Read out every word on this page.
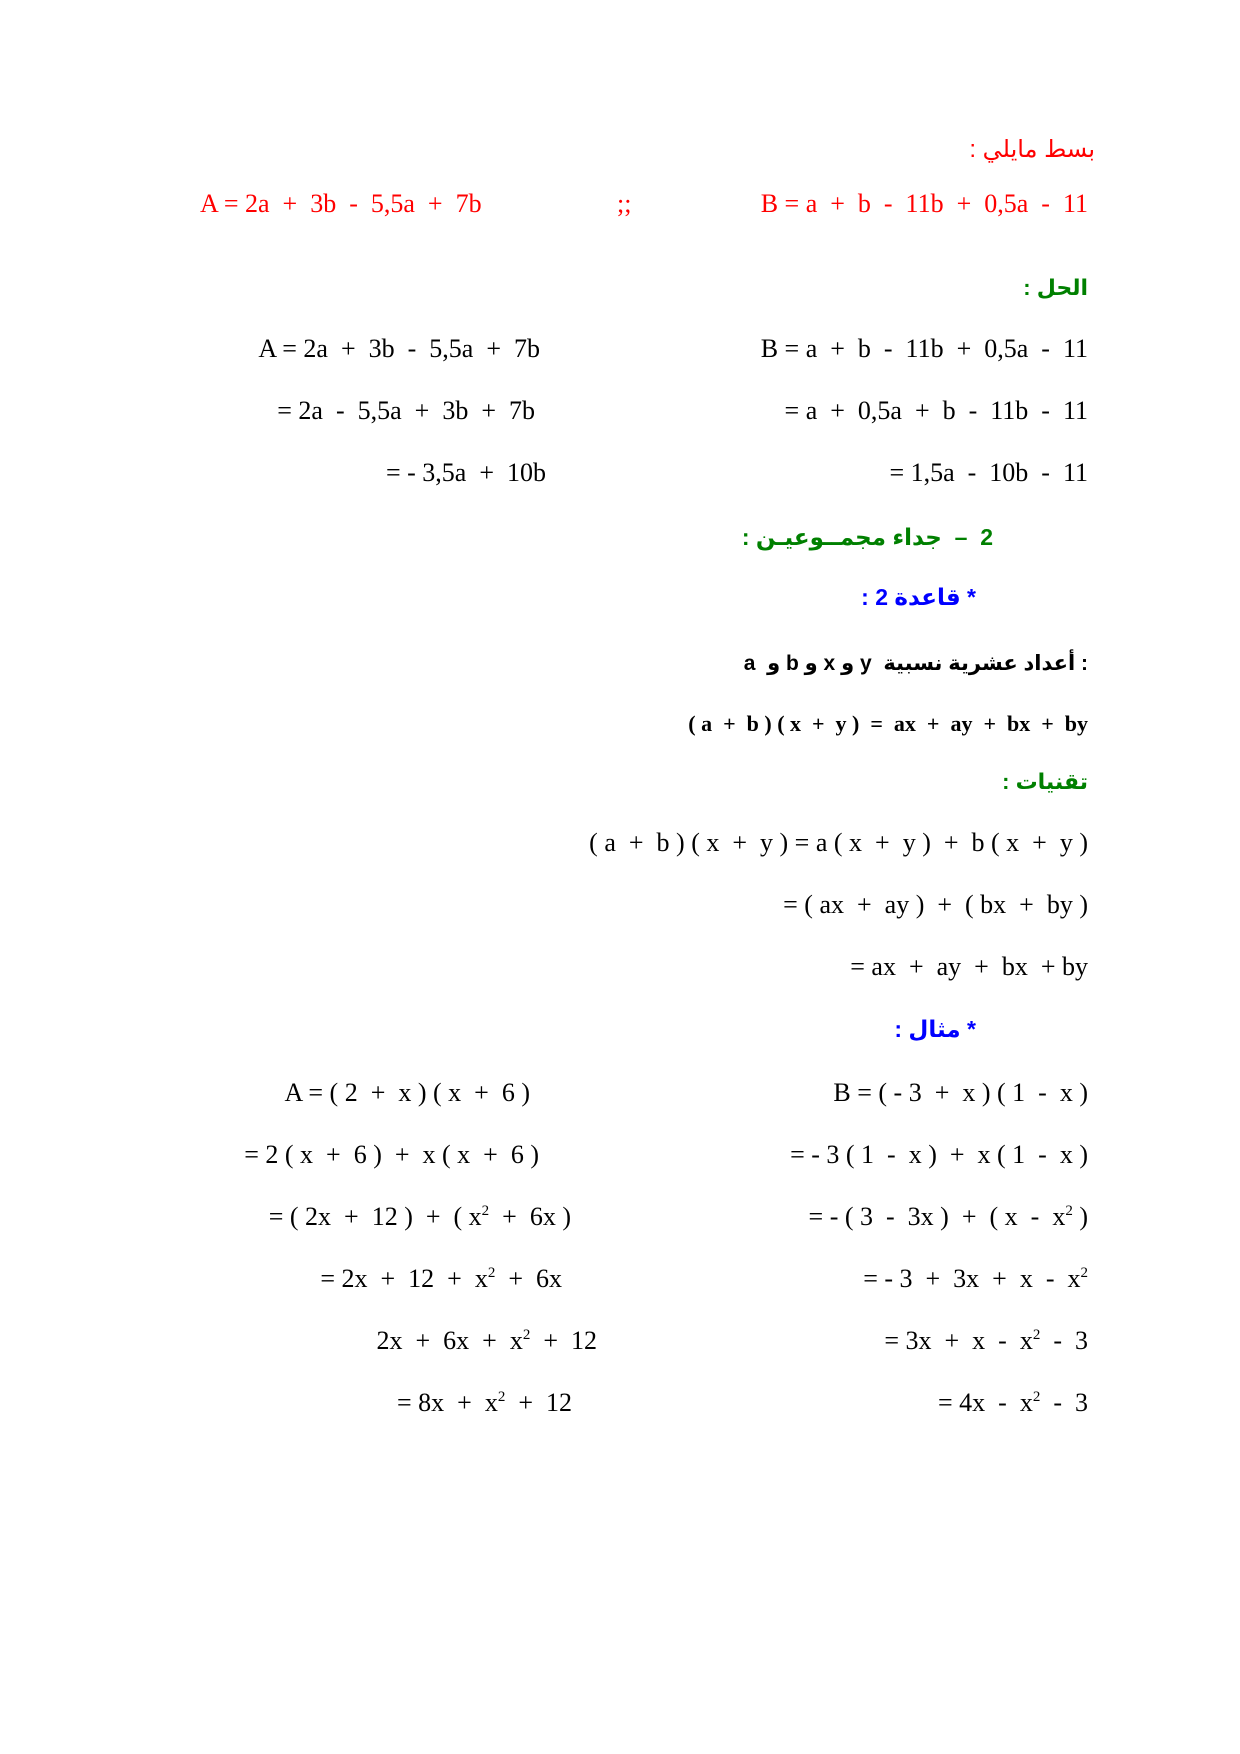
بسط مايلي :
A = 2a  +  3b  -  5,5a  +  7b	;;	B = a  +  b  -  11b  +  0,5a  -  11
الحل :
A = 2a  +  3b  -  5,5a  +  7b
= 2a  -  5,5a  +  3b  +  7b
= - 3,5a  +  10b
B = a  +  b  -  11b  +  0,5a  -  11
= a  +  0,5a  +  b  -  11b  -  11
= 1,5a  -  10b  -  11
2  –  جداء مجمــوعيـن :
* قاعدة 2 :
a  و b و x و y  أعداد عشرية نسبية :
( a  +  b ) ( x  +  y )  =  ax  +  ay  +  bx  +  by
تقنيات :
( a  +  b ) ( x  +  y ) = a ( x  +  y )  +  b ( x  +  y )
= ( ax  +  ay )  +  ( bx  +  by )
= ax  +  ay  +  bx  + by
* مثال :
A = ( 2  +  x ) ( x  +  6 )
= 2 ( x  +  6 )  +  x ( x  +  6 )
= ( 2x  +  12 )  +  ( $x^2 + 6x$ )
= $2x + 12 + x^2 + 6x$
$2x + 6x + x^2 + 12$
= $8x + x^2 + 12$
B = ( - 3  +  x ) ( 1  -  x )
= - 3 ( 1  -  x )  +  x ( 1  -  x )
= - ( 3  -  3x )  +  ( x  -  $x^2$ )
= - $3 + 3x + x - x^2$
= $3x + x - x^2 - 3$
= $4x - x^2 - 3$
